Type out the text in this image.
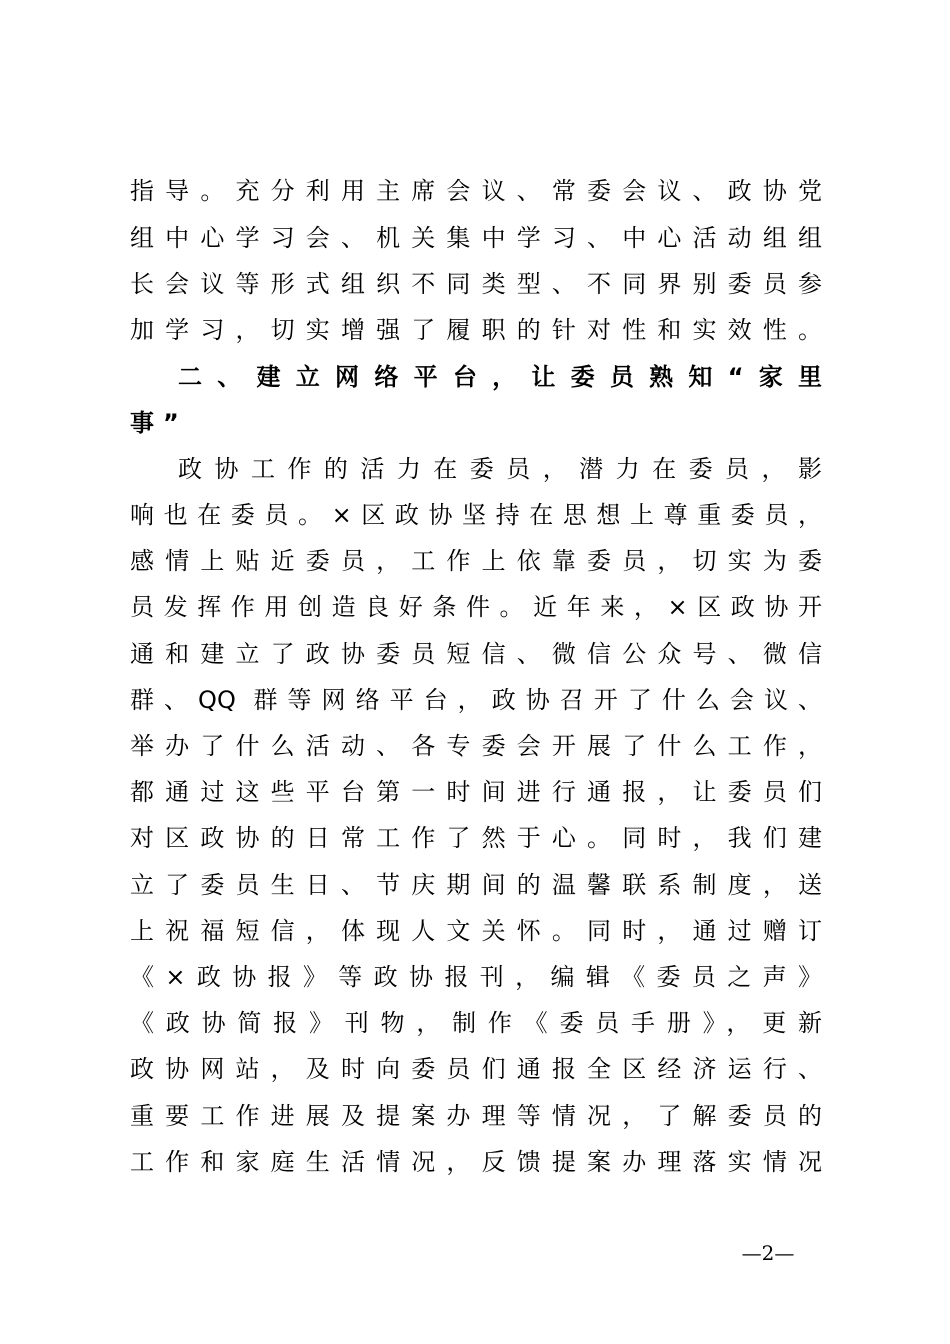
指导。充分利用主席会议、常委会议、政协党
组中心学习会、机关集中学习、中心活动组组
长会议等形式组织不同类型、不同界别委员参
加学习，切实增强了履职的针对性和实效性。
二、建立网络平台，让委员熟知“家里
事”
政协工作的活力在委员，潜力在委员，影
响也在委员。×区政协坚持在思想上尊重委员，
感情上贴近委员，工作上依靠委员，切实为委
员发挥作用创造良好条件。近年来，×区政协开
通和建立了政协委员短信、微信公众号、微信
群、QQ 群等网络平台，政协召开了什么会议、
举办了什么活动、各专委会开展了什么工作，
都通过这些平台第一时间进行通报，让委员们
对区政协的日常工作了然于心。同时，我们建
立了委员生日、节庆期间的温馨联系制度，送
上祝福短信，体现人文关怀。同时，通过赠订
《×政协报》等政协报刊，编辑《委员之声》
《政协简报》刊物，制作《委员手册》，更新
政协网站，及时向委员们通报全区经济运行、
重要工作进展及提案办理等情况，了解委员的
工作和家庭生活情况，反馈提案办理落实情况
—2—
